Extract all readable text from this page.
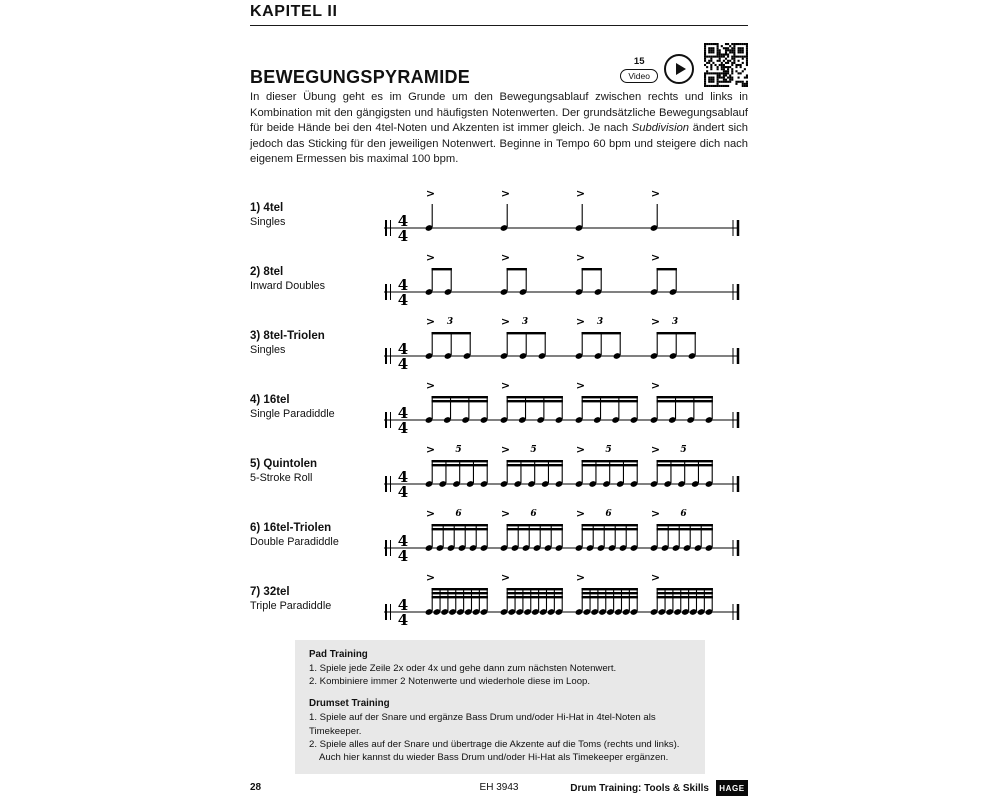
KAPITEL II
BEWEGUNGSPYRAMIDE
15
Video

In dieser Übung geht es im Grunde um den Bewegungsablauf zwischen rechts und links in Kombination mit den gängigsten und häufigsten Notenwerten. Der grundsätzliche Bewegungsablauf für beide Hände bei den 4tel-Noten und Akzenten ist immer gleich. Je nach Subdivision ändert sich jedoch das Sticking für den jeweiligen Notenwert. Beginne in Tempo 60 bpm und steigere dich nach eigenem Ermessen bis maximal 100 bpm.

1) 4tel
Singles	4
4
>	>	>	>
2) 8tel
Inward Doubles	4
4
>	>	>	>
3) 8tel-Triolen
Singles	4
4
> 3	> 3	> 3	> 3
4) 16tel
Single Paradiddle	4
4
>	>	>	>
5) Quintolen
5-Stroke Roll	4
4
> 5	> 5	> 5	> 5
6) 16tel-Triolen
Double Paradiddle	4
4
> 6	> 6	> 6	> 6
7) 32tel
Triple Paradiddle	4
4
>	>	>	>
Pad Training
1. Spiele jede Zeile 2x oder 4x und gehe dann zum nächsten Notenwert.
2. Kombiniere immer 2 Notenwerte und wiederhole diese im Loop.
Drumset Training
1. Spiele auf der Snare und ergänze Bass Drum und/oder Hi-Hat in 4tel-Noten als Timekeeper.
2. Spiele alles auf der Snare und übertrage die Akzente auf die Toms (rechts und links).
Auch hier kannst du wieder Bass Drum und/oder Hi-Hat als Timekeeper ergänzen.
28	EH 3943	Drum Training: Tools & Skills HAGE
